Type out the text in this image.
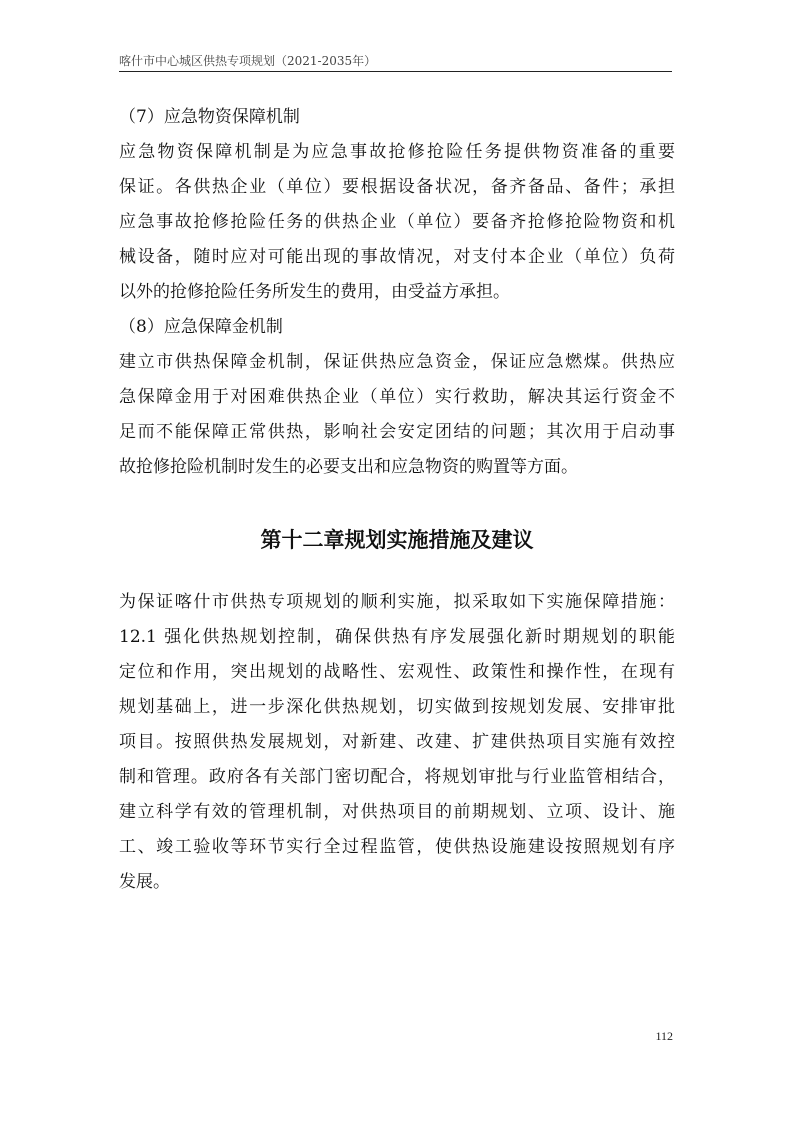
喀什市中心城区供热专项规划（2021-2035年）

（7）应急物资保障机制

应急物资保障机制是为应急事故抢修抢险任务提供物资准备的重要

保证。各供热企业（单位）要根据设备状况，备齐备品、备件；承担

应急事故抢修抢险任务的供热企业（单位）要备齐抢修抢险物资和机

械设备，随时应对可能出现的事故情况，对支付本企业（单位）负荷

以外的抢修抢险任务所发生的费用，由受益方承担。

（8）应急保障金机制

建立市供热保障金机制，保证供热应急资金，保证应急燃煤。供热应

急保障金用于对困难供热企业（单位）实行救助，解决其运行资金不

足而不能保障正常供热，影响社会安定团结的问题；其次用于启动事

故抢修抢险机制时发生的必要支出和应急物资的购置等方面。

第十二章规划实施措施及建议

为保证喀什市供热专项规划的顺利实施，拟采取如下实施保障措施：

12.1 强化供热规划控制，确保供热有序发展强化新时期规划的职能

定位和作用，突出规划的战略性、宏观性、政策性和操作性，在现有

规划基础上，进一步深化供热规划，切实做到按规划发展、安排审批

项目。按照供热发展规划，对新建、改建、扩建供热项目实施有效控

制和管理。政府各有关部门密切配合，将规划审批与行业监管相结合，

建立科学有效的管理机制，对供热项目的前期规划、立项、设计、施

工、竣工验收等环节实行全过程监管，使供热设施建设按照规划有序

发展。

112
